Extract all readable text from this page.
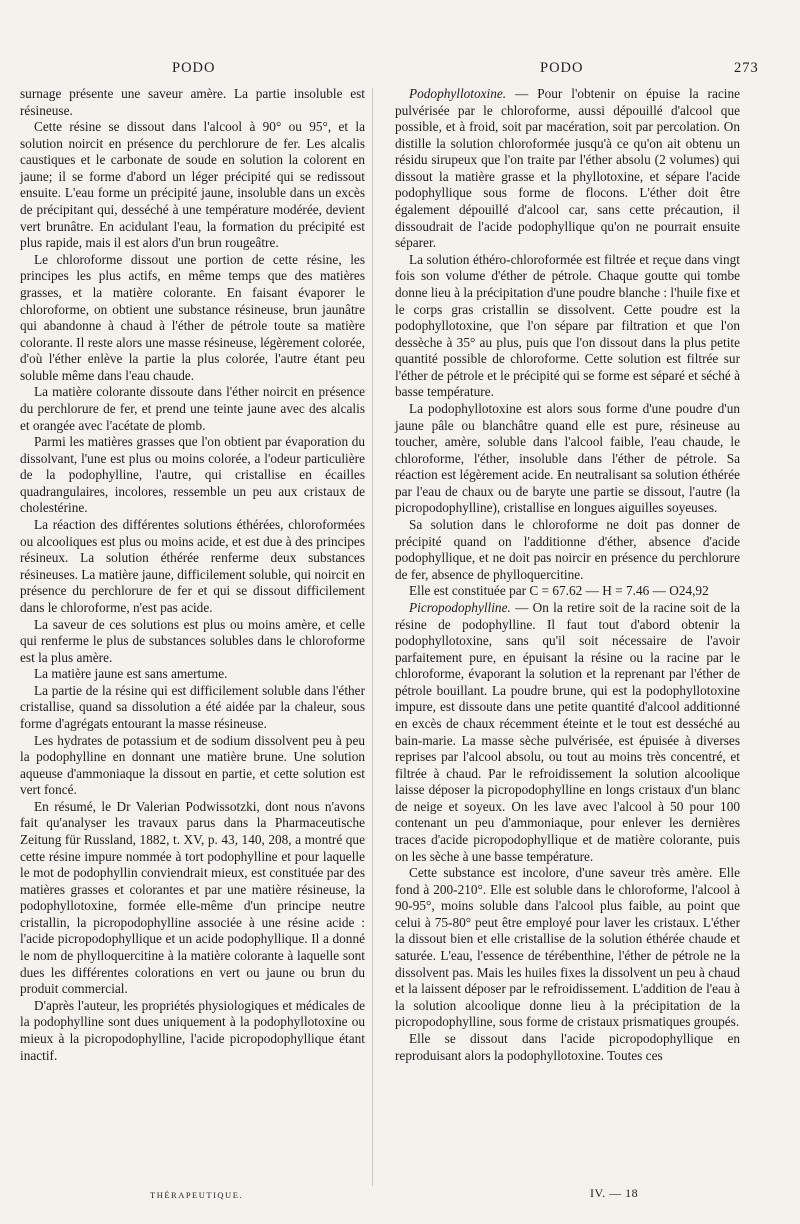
PODO	PODO	273

surnage présente une saveur amère. La partie insoluble est résineuse.

Cette résine se dissout dans l'alcool à 90° ou 95°, et la solution noircit en présence du perchlorure de fer. Les alcalis caustiques et le carbonate de soude en solution la colorent en jaune; il se forme d'abord un léger précipité qui se redissout ensuite. L'eau forme un précipité jaune, insoluble dans un excès de précipitant qui, desséché à une température modérée, devient vert brunâtre. En acidulant l'eau, la formation du précipité est plus rapide, mais il est alors d'un brun rougeâtre.

Le chloroforme dissout une portion de cette résine, les principes les plus actifs, en même temps que des matières grasses, et la matière colorante. En faisant évaporer le chloroforme, on obtient une substance résineuse, brun jaunâtre qui abandonne à chaud à l'éther de pétrole toute sa matière colorante. Il reste alors une masse résineuse, légèrement colorée, d'où l'éther enlève la partie la plus colorée, l'autre étant peu soluble même dans l'eau chaude.

La matière colorante dissoute dans l'éther noircit en présence du perchlorure de fer, et prend une teinte jaune avec des alcalis et orangée avec l'acétate de plomb.

Parmi les matières grasses que l'on obtient par évaporation du dissolvant, l'une est plus ou moins colorée, a l'odeur particulière de la podophylline, l'autre, qui cristallise en écailles quadrangulaires, incolores, ressemble un peu aux cristaux de cholestérine.

La réaction des différentes solutions éthérées, chloroformées ou alcooliques est plus ou moins acide, et est due à des principes résineux. La solution éthérée renferme deux substances résineuses. La matière jaune, difficilement soluble, qui noircit en présence du perchlorure de fer et qui se dissout difficilement dans le chloroforme, n'est pas acide.

La saveur de ces solutions est plus ou moins amère, et celle qui renferme le plus de substances solubles dans le chloroforme est la plus amère.

La matière jaune est sans amertume.

La partie de la résine qui est difficilement soluble dans l'éther cristallise, quand sa dissolution a été aidée par la chaleur, sous forme d'agrégats entourant la masse résineuse.

Les hydrates de potassium et de sodium dissolvent peu à peu la podophylline en donnant une matière brune. Une solution aqueuse d'ammoniaque la dissout en partie, et cette solution est vert foncé.

En résumé, le Dr Valerian Podwissotzki, dont nous n'avons fait qu'analyser les travaux parus dans la Pharmaceutische Zeitung für Russland, 1882, t. XV, p. 43, 140, 208, a montré que cette résine impure nommée à tort podophylline et pour laquelle le mot de podophyllin conviendrait mieux, est constituée par des matières grasses et colorantes et par une matière résineuse, la podophyllotoxine, formée elle-même d'un principe neutre cristallin, la picropodophylline associée à une résine acide : l'acide picropodophyllique et un acide podophyllique. Il a donné le nom de phylloquercitine à la matière colorante à laquelle sont dues les différentes colorations en vert ou jaune ou brun du produit commercial.

D'après l'auteur, les propriétés physiologiques et médicales de la podophylline sont dues uniquement à la podophyllotoxine ou mieux à la picropodophylline, l'acide picropodophyllique étant inactif.

Podophyllotoxine. — Pour l'obtenir on épuise la racine pulvérisée par le chloroforme, aussi dépouillé d'alcool que possible, et à froid, soit par macération, soit par percolation. On distille la solution chloroformée jusqu'à ce qu'on ait obtenu un résidu sirupeux que l'on traite par l'éther absolu (2 volumes) qui dissout la matière grasse et la phyllotoxine, et sépare l'acide podophyllique sous forme de flocons. L'éther doit être également dépouillé d'alcool car, sans cette précaution, il dissoudrait de l'acide podophyllique qu'on ne pourrait ensuite séparer.

La solution éthéro-chloroformée est filtrée et reçue dans vingt fois son volume d'éther de pétrole. Chaque goutte qui tombe donne lieu à la précipitation d'une poudre blanche : l'huile fixe et le corps gras cristallin se dissolvent. Cette poudre est la podophyllotoxine, que l'on sépare par filtration et que l'on dessèche à 35° au plus, puis que l'on dissout dans la plus petite quantité possible de chloroforme. Cette solution est filtrée sur l'éther de pétrole et le précipité qui se forme est séparé et séché à basse température.

La podophyllotoxine est alors sous forme d'une poudre d'un jaune pâle ou blanchâtre quand elle est pure, résineuse au toucher, amère, soluble dans l'alcool faible, l'eau chaude, le chloroforme, l'éther, insoluble dans l'éther de pétrole. Sa réaction est légèrement acide. En neutralisant sa solution éthérée par l'eau de chaux ou de baryte une partie se dissout, l'autre (la picropodophylline), cristallise en longues aiguilles soyeuses.

Sa solution dans le chloroforme ne doit pas donner de précipité quand on l'additionne d'éther, absence d'acide podophyllique, et ne doit pas noircir en présence du perchlorure de fer, absence de phylloquercitine.

Elle est constituée par C = 67.62 — H = 7.46 — O24,92

Picropodophylline. — On la retire soit de la racine soit de la résine de podophylline. Il faut tout d'abord obtenir la podophyllotoxine, sans qu'il soit nécessaire de l'avoir parfaitement pure, en épuisant la résine ou la racine par le chloroforme, évaporant la solution et la reprenant par l'éther de pétrole bouillant. La poudre brune, qui est la podophyllotoxine impure, est dissoute dans une petite quantité d'alcool additionné en excès de chaux récemment éteinte et le tout est desséché au bain-marie. La masse sèche pulvérisée, est épuisée à diverses reprises par l'alcool absolu, ou tout au moins très concentré, et filtrée à chaud. Par le refroidissement la solution alcoolique laisse déposer la picropodophylline en longs cristaux d'un blanc de neige et soyeux. On les lave avec l'alcool à 50 pour 100 contenant un peu d'ammoniaque, pour enlever les dernières traces d'acide picropodophyllique et de matière colorante, puis on les sèche à une basse température.

Cette substance est incolore, d'une saveur très amère. Elle fond à 200-210°. Elle est soluble dans le chloroforme, l'alcool à 90-95°, moins soluble dans l'alcool plus faible, au point que celui à 75-80° peut être employé pour laver les cristaux. L'éther la dissout bien et elle cristallise de la solution éthérée chaude et saturée. L'eau, l'essence de térébenthine, l'éther de pétrole ne la dissolvent pas. Mais les huiles fixes la dissolvent un peu à chaud et la laissent déposer par le refroidissement. L'addition de l'eau à la solution alcoolique donne lieu à la précipitation de la picropodophylline, sous forme de cristaux prismatiques groupés.

Elle se dissout dans l'acide picropodophyllique en reproduisant alors la podophyllotoxine. Toutes ces

THÉRAPEUTIQUE.	IV. — 18
